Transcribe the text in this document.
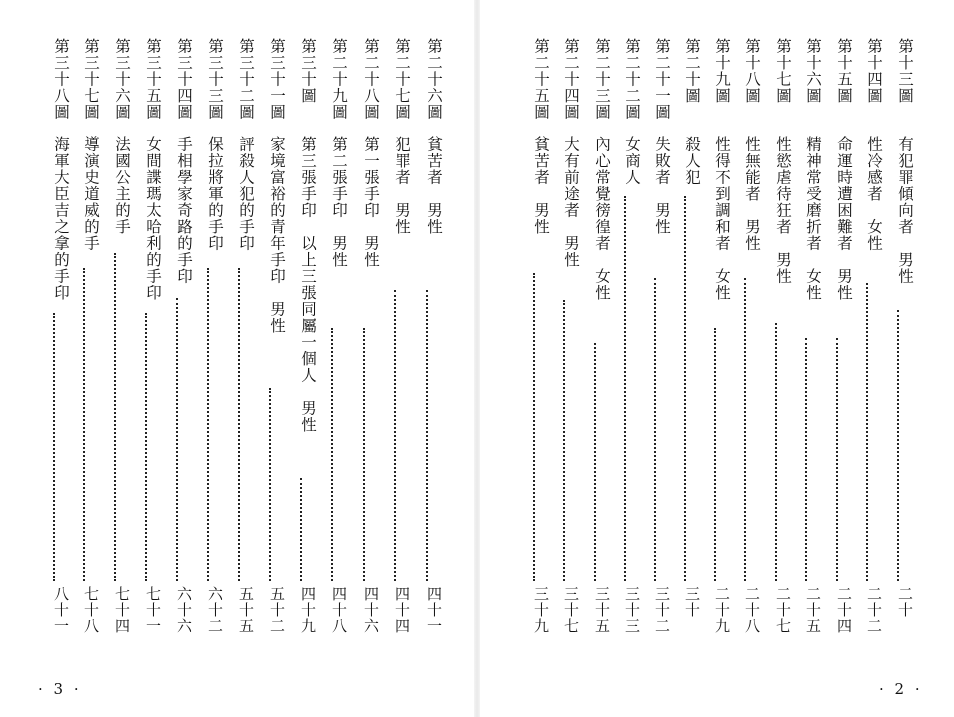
第二十六圖
貧苦者　男性
四十一
第二十七圖
犯罪者　男性
四十四
第二十八圖
第一張手印　男性
四十六
第二十九圖
第二張手印　男性
四十八
第三十圖
第三張手印　以上三張同屬一個人　男性
四十九
第三十一圖
家境富裕的青年手印　男性
五十二
第三十二圖
評殺人犯的手印
五十五
第三十三圖
保拉將軍的手印
六十二
第三十四圖
手相學家奇路的手印
六十六
第三十五圖
女間諜瑪太哈利的手印
七十一
第三十六圖
法國公主的手
七十四
第三十七圖
導演史道威的手
七十八
第三十八圖
海軍大臣吉之拿的手印
八十一
· 3 ·
第十三圖
有犯罪傾向者　男性
二十
第十四圖
性冷感者　女性
二十二
第十五圖
命運時遭困難者　男性
二十四
第十六圖
精神常受磨折者　女性
二十五
第十七圖
性慾虐待狂者　男性
二十七
第十八圖
性無能者　男性
二十八
第十九圖
性得不到調和者　女性
二十九
第二十圖
殺人犯
三十
第二十一圖
失敗者　男性
三十二
第二十二圖
女商人
三十三
第二十三圖
內心常覺徬徨者　女性
三十五
第二十四圖
大有前途者　男性
三十七
第二十五圖
貧苦者　男性
三十九
· 2 ·
